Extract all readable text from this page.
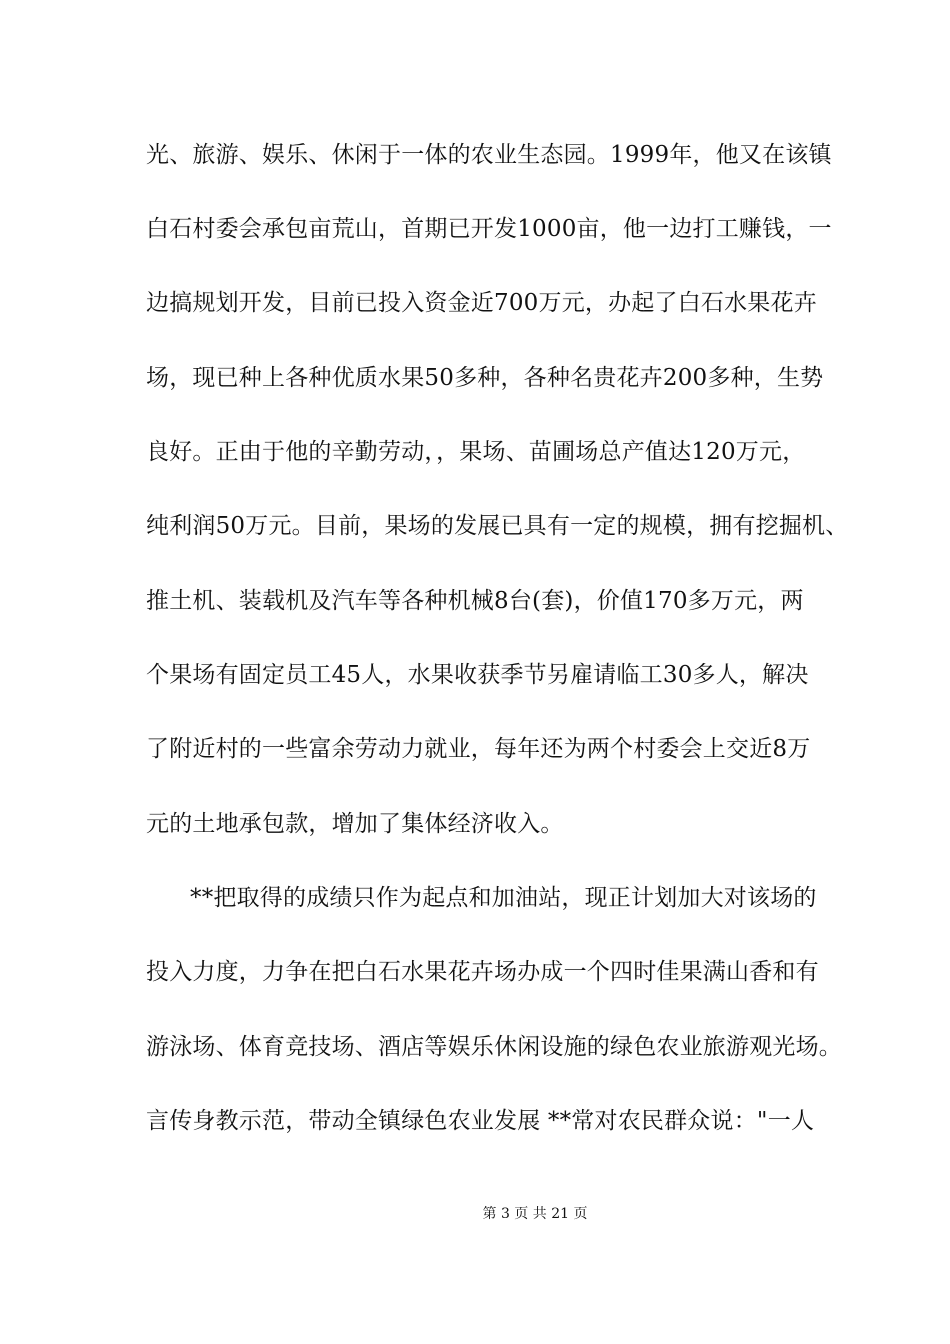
光、旅游、娱乐、休闲于一体的农业生态园。1999年，他又在该镇
白石村委会承包亩荒山，首期已开发1000亩，他一边打工赚钱，一
边搞规划开发，目前已投入资金近700万元，办起了白石水果花卉
场，现已种上各种优质水果50多种，各种名贵花卉200多种，生势
良好。正由于他的辛勤劳动，，果场、苗圃场总产值达120万元，
纯利润50万元。目前，果场的发展已具有一定的规模，拥有挖掘机、
推土机、装载机及汽车等各种机械8台(套)，价值170多万元，两
个果场有固定员工45人，水果收获季节另雇请临工30多人，解决
了附近村的一些富余劳动力就业，每年还为两个村委会上交近8万
元的土地承包款，增加了集体经济收入。
**把取得的成绩只作为起点和加油站，现正计划加大对该场的
投入力度，力争在把白石水果花卉场办成一个四时佳果满山香和有
游泳场、体育竞技场、酒店等娱乐休闲设施的绿色农业旅游观光场。
言传身教示范，带动全镇绿色农业发展 **常对农民群众说："一人
第 3 页 共 21 页
